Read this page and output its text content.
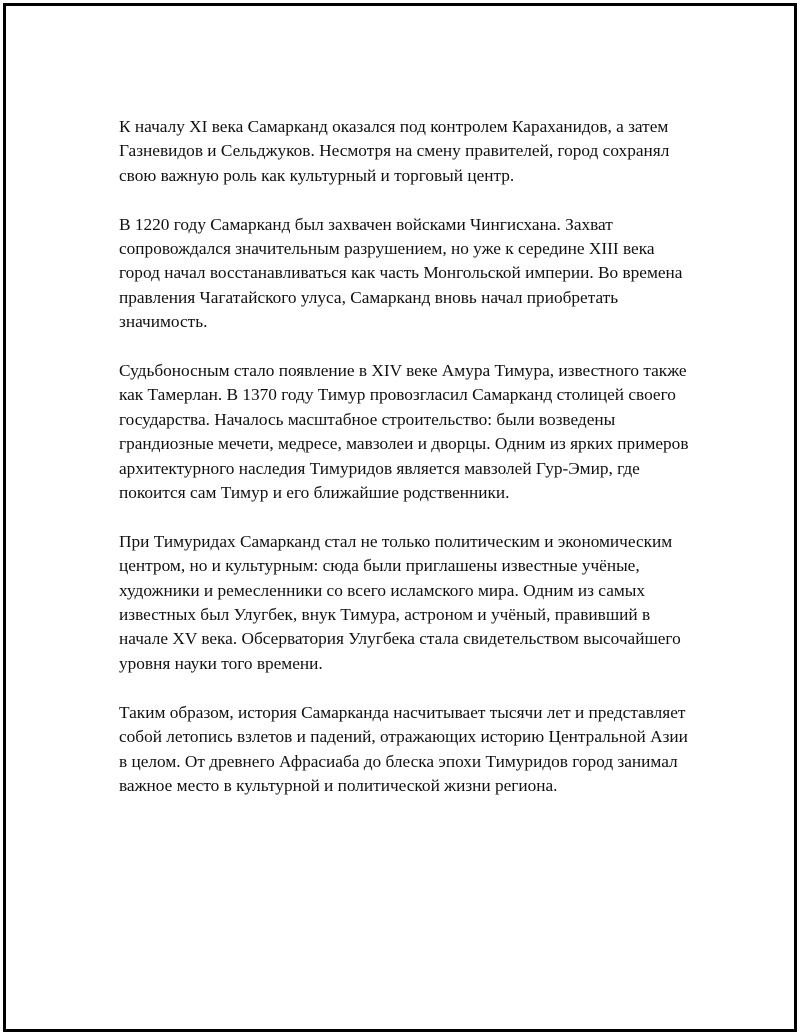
К началу XI века Самарканд оказался под контролем Караханидов, а затем Газневидов и Сельджуков. Несмотря на смену правителей, город сохранял свою важную роль как культурный и торговый центр.

В 1220 году Самарканд был захвачен войсками Чингисхана. Захват сопровождался значительным разрушением, но уже к середине XIII века город начал восстанавливаться как часть Монгольской империи. Во времена правления Чагатайского улуса, Самарканд вновь начал приобретать значимость.

Судьбоносным стало появление в XIV веке Амура Тимура, известного также как Тамерлан. В 1370 году Тимур провозгласил Самарканд столицей своего государства. Началось масштабное строительство: были возведены грандиозные мечети, медресе, мавзолеи и дворцы. Одним из ярких примеров архитектурного наследия Тимуридов является мавзолей Гур-Эмир, где покоится сам Тимур и его ближайшие родственники.

При Тимуридах Самарканд стал не только политическим и экономическим центром, но и культурным: сюда были приглашены известные учёные, художники и ремесленники со всего исламского мира. Одним из самых известных был Улугбек, внук Тимура, астроном и учёный, правивший в начале XV века. Обсерватория Улугбека стала свидетельством высочайшего уровня науки того времени.

Таким образом, история Самарканда насчитывает тысячи лет и представляет собой летопись взлетов и падений, отражающих историю Центральной Азии в целом. От древнего Афрасиаба до блеска эпохи Тимуридов город занимал важное место в культурной и политической жизни региона.
